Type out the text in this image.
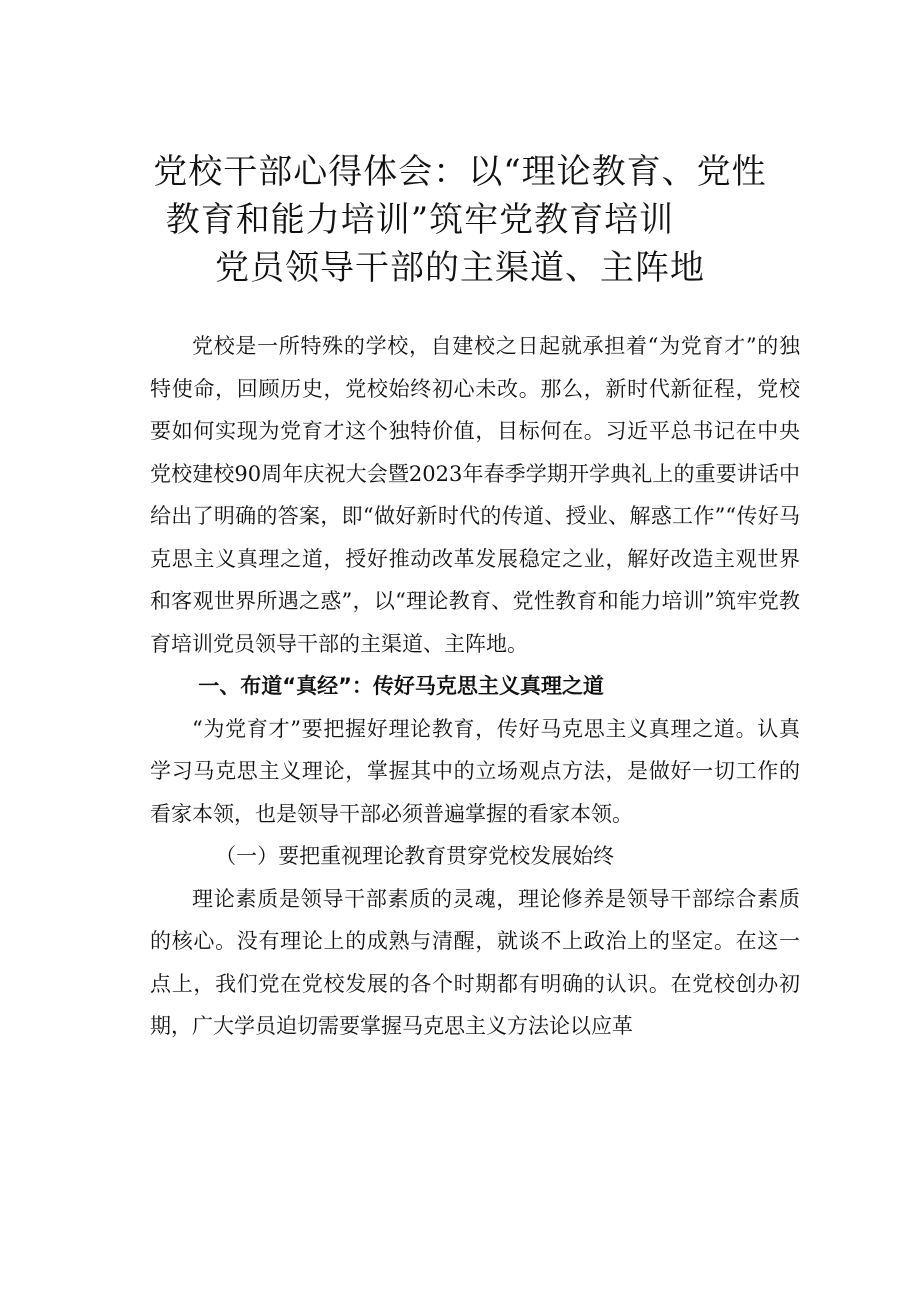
党校干部心得体会：以“理论教育、党性
教育和能力培训”筑牢党教育培训
党员领导干部的主渠道、主阵地

党校是一所特殊的学校，自建校之日起就承担着“为党育才”的独特使命，回顾历史，党校始终初心未改。那么，新时代新征程，党校要如何实现为党育才这个独特价值，目标何在。习近平总书记在中央党校建校90周年庆祝大会暨2023年春季学期开学典礼上的重要讲话中给出了明确的答案，即“做好新时代的传道、授业、解惑工作”“传好马克思主义真理之道，授好推动改革发展稳定之业，解好改造主观世界和客观世界所遇之惑”，以“理论教育、党性教育和能力培训”筑牢党教育培训党员领导干部的主渠道、主阵地。

一、布道“真经”：传好马克思主义真理之道

“为党育才”要把握好理论教育，传好马克思主义真理之道。认真学习马克思主义理论，掌握其中的立场观点方法，是做好一切工作的看家本领，也是领导干部必须普遍掌握的看家本领。

（一）要把重视理论教育贯穿党校发展始终

理论素质是领导干部素质的灵魂，理论修养是领导干部综合素质的核心。没有理论上的成熟与清醒，就谈不上政治上的坚定。在这一点上，我们党在党校发展的各个时期都有明确的认识。在党校创办初期，广大学员迫切需要掌握马克思主义方法论以应革
